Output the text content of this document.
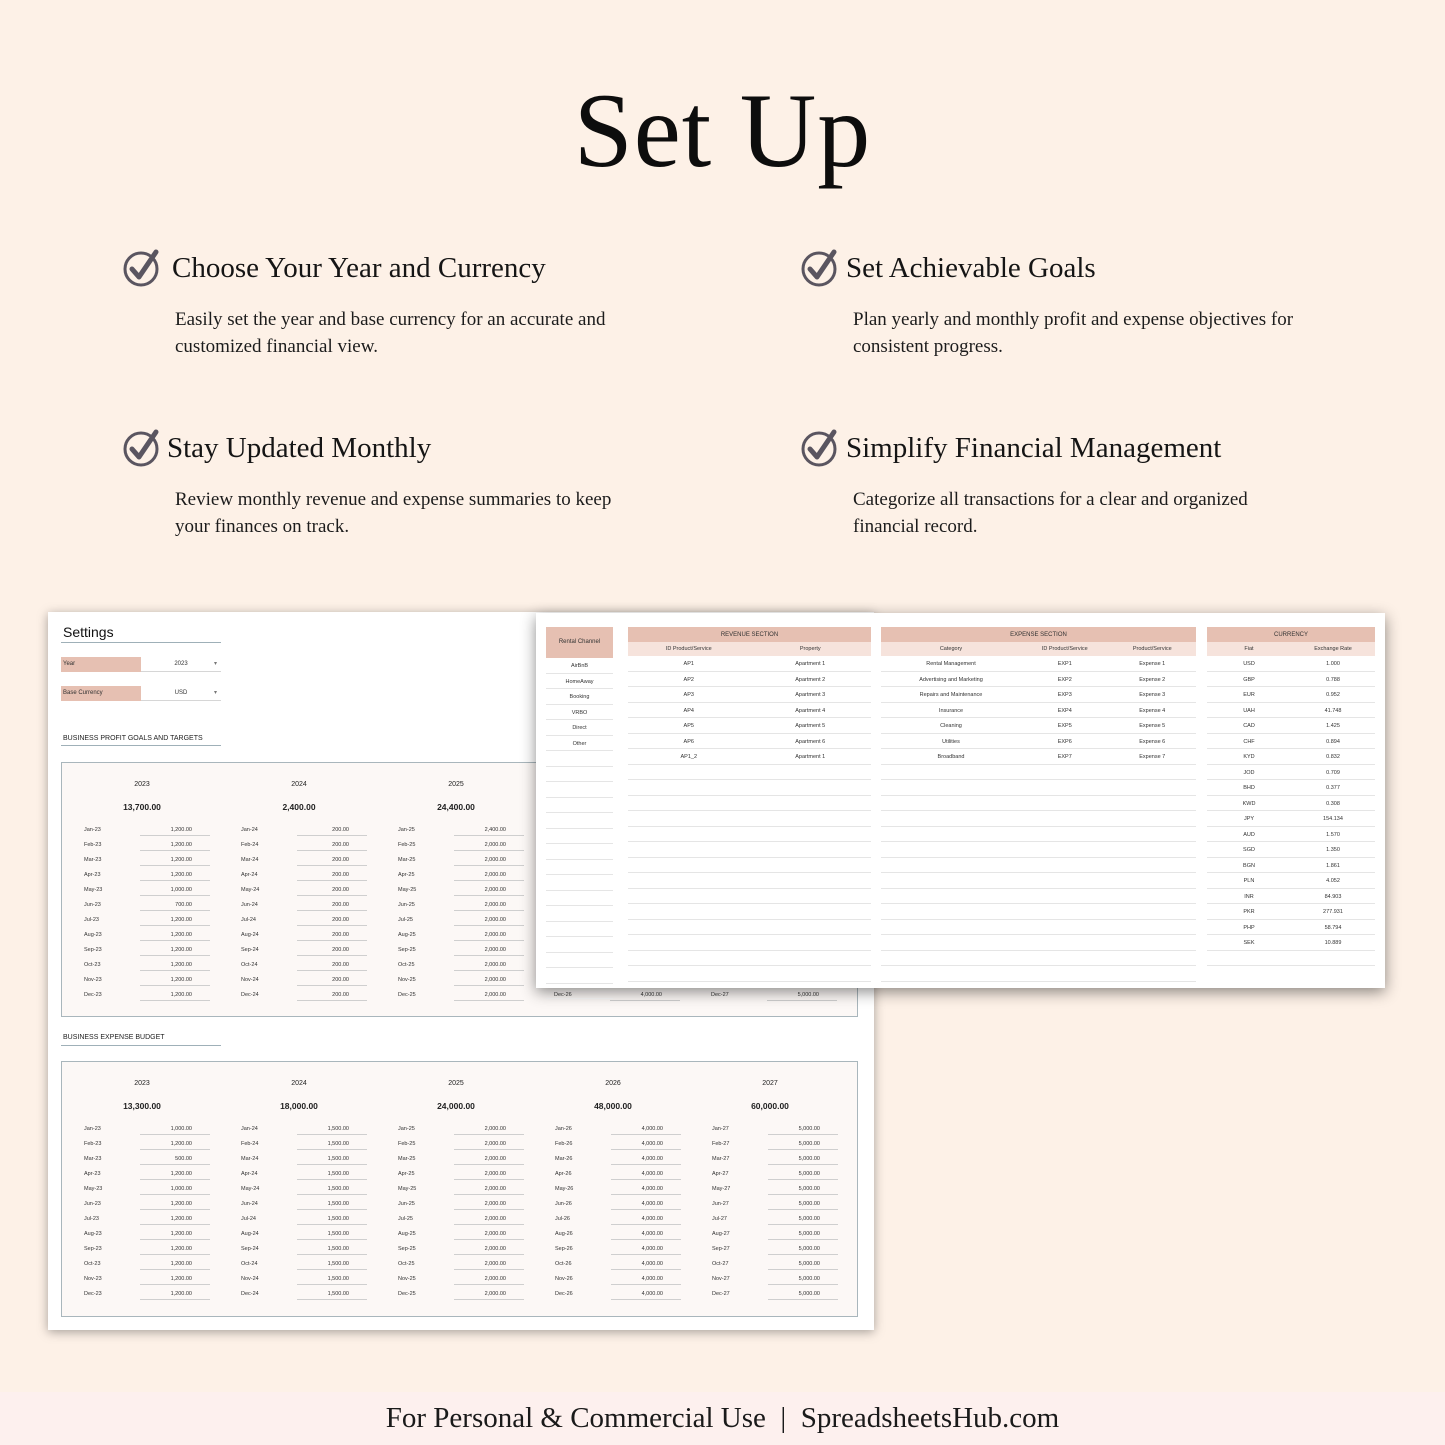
Set Up
Choose Your Year and Currency

Easily set the year and base currency for an accurate and customized financial view.

Set Achievable Goals

Plan yearly and monthly profit and expense objectives for consistent progress.

Stay Updated Monthly

Review monthly revenue and expense summaries to keep your finances on track.

Simplify Financial Management

Categorize all transactions for a clear and organized financial record.

Settings
Year	2023	▾
Base Currency	USD	▾
BUSINESS PROFIT GOALS AND TARGETS
Dec-26	4,000.00	Dec-27	5,000.00
2023
13,700.00
Jan-23	1,200.00
Feb-23	1,200.00
Mar-23	1,200.00
Apr-23	1,200.00
May-23	1,000.00
Jun-23	700.00
Jul-23	1,200.00
Aug-23	1,200.00
Sep-23	1,200.00
Oct-23	1,200.00
Nov-23	1,200.00
Dec-23	1,200.00
2024
2,400.00
Jan-24	200.00
Feb-24	200.00
Mar-24	200.00
Apr-24	200.00
May-24	200.00
Jun-24	200.00
Jul-24	200.00
Aug-24	200.00
Sep-24	200.00
Oct-24	200.00
Nov-24	200.00
Dec-24	200.00
2025
24,400.00
Jan-25	2,400.00
Feb-25	2,000.00
Mar-25	2,000.00
Apr-25	2,000.00
May-25	2,000.00
Jun-25	2,000.00
Jul-25	2,000.00
Aug-25	2,000.00
Sep-25	2,000.00
Oct-25	2,000.00
Nov-25	2,000.00
Dec-25	2,000.00
BUSINESS EXPENSE BUDGET
2023
13,300.00
Jan-23	1,000.00
Feb-23	1,200.00
Mar-23	500.00
Apr-23	1,200.00
May-23	1,000.00
Jun-23	1,200.00
Jul-23	1,200.00
Aug-23	1,200.00
Sep-23	1,200.00
Oct-23	1,200.00
Nov-23	1,200.00
Dec-23	1,200.00
2024
18,000.00
Jan-24	1,500.00
Feb-24	1,500.00
Mar-24	1,500.00
Apr-24	1,500.00
May-24	1,500.00
Jun-24	1,500.00
Jul-24	1,500.00
Aug-24	1,500.00
Sep-24	1,500.00
Oct-24	1,500.00
Nov-24	1,500.00
Dec-24	1,500.00
2025
24,000.00
Jan-25	2,000.00
Feb-25	2,000.00
Mar-25	2,000.00
Apr-25	2,000.00
May-25	2,000.00
Jun-25	2,000.00
Jul-25	2,000.00
Aug-25	2,000.00
Sep-25	2,000.00
Oct-25	2,000.00
Nov-25	2,000.00
Dec-25	2,000.00
2026
48,000.00
Jan-26	4,000.00
Feb-26	4,000.00
Mar-26	4,000.00
Apr-26	4,000.00
May-26	4,000.00
Jun-26	4,000.00
Jul-26	4,000.00
Aug-26	4,000.00
Sep-26	4,000.00
Oct-26	4,000.00
Nov-26	4,000.00
Dec-26	4,000.00
2027
60,000.00
Jan-27	5,000.00
Feb-27	5,000.00
Mar-27	5,000.00
Apr-27	5,000.00
May-27	5,000.00
Jun-27	5,000.00
Jul-27	5,000.00
Aug-27	5,000.00
Sep-27	5,000.00
Oct-27	5,000.00
Nov-27	5,000.00
Dec-27	5,000.00
Rental Channel
AirBnB
HomeAway
Booking
VRBO
Direct
Other
REVENUE SECTION
ID Product/Service	Property
AP1	Apartment 1
AP2	Apartment 2
AP3	Apartment 3
AP4	Apartment 4
AP5	Apartment 5
AP6	Apartment 6
AP1_2	Apartment 1
EXPENSE SECTION
Category	ID Product/Service	Product/Service
Rental Management	EXP1	Expense 1
Advertising and Marketing	EXP2	Expense 2
Repairs and Maintenance	EXP3	Expense 3
Insurance	EXP4	Expense 4
Cleaning	EXP5	Expense 5
Utilities	EXP6	Expense 6
Broadband	EXP7	Expense 7
CURRENCY
Fiat	Exchange Rate
USD	1.000
GBP	0.788
EUR	0.952
UAH	41.748
CAD	1.425
CHF	0.894
KYD	0.832
JOD	0.709
BHD	0.377
KWD	0.308
JPY	154.134
AUD	1.570
SGD	1.350
BGN	1.861
PLN	4.052
INR	84.903
PKR	277.931
PHP	58.794
SEK	10.889
For Personal & Commercial Use  |  SpreadsheetsHub.com
